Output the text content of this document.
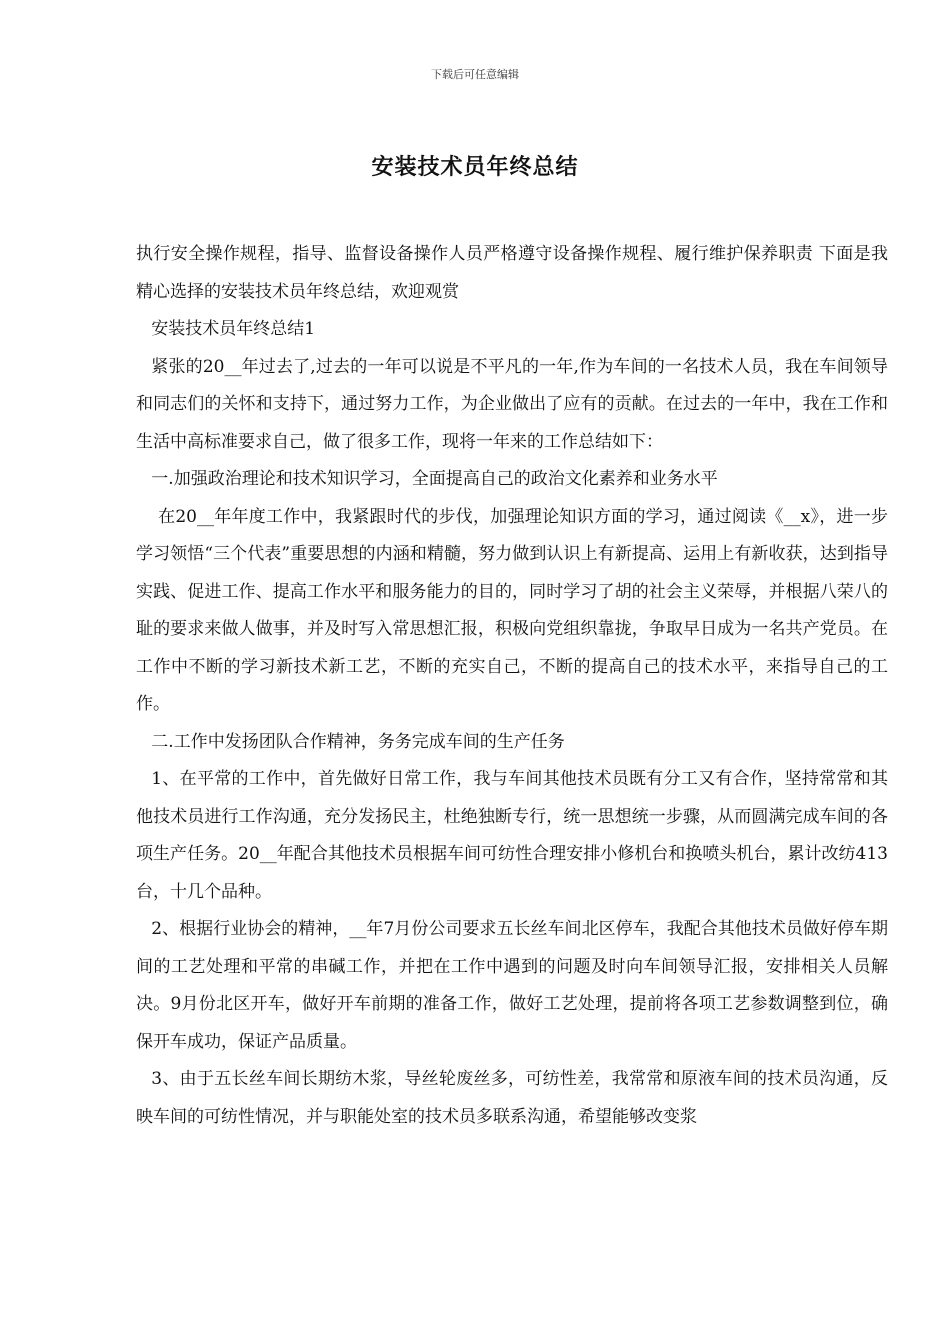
下载后可任意编辑
安装技术员年终总结

执行安全操作规程，指导、监督设备操作人员严格遵守设备操作规程、履行维护保养职责 下面是我精心选择的安装技术员年终总结，欢迎观赏

安装技术员年终总结1

紧张的20__年过去了,过去的一年可以说是不平凡的一年,作为车间的一名技术人员，我在车间领导和同志们的关怀和支持下，通过努力工作，为企业做出了应有的贡献。在过去的一年中，我在工作和生活中高标准要求自己，做了很多工作，现将一年来的工作总结如下：

一.加强政治理论和技术知识学习，全面提高自己的政治文化素养和业务水平

在20__年年度工作中，我紧跟时代的步伐，加强理论知识方面的学习，通过阅读《__x》，进一步学习领悟“三个代表”重要思想的内涵和精髓，努力做到认识上有新提高、运用上有新收获，达到指导实践、促进工作、提高工作水平和服务能力的目的，同时学习了胡的社会主义荣辱，并根据八荣八的耻的要求来做人做事，并及时写入常思想汇报，积极向党组织靠拢，争取早日成为一名共产党员。在工作中不断的学习新技术新工艺，不断的充实自己，不断的提高自己的技术水平，来指导自己的工作。

二.工作中发扬团队合作精神，务务完成车间的生产任务

1、在平常的工作中，首先做好日常工作，我与车间其他技术员既有分工又有合作，坚持常常和其他技术员进行工作沟通，充分发扬民主，杜绝独断专行，统一思想统一步骤，从而圆满完成车间的各项生产任务。20__年配合其他技术员根据车间可纺性合理安排小修机台和换喷头机台，累计改纺413台，十几个品种。

2、根据行业协会的精神，__年7月份公司要求五长丝车间北区停车，我配合其他技术员做好停车期间的工艺处理和平常的串碱工作，并把在工作中遇到的问题及时向车间领导汇报，安排相关人员解决。9月份北区开车，做好开车前期的准备工作，做好工艺处理，提前将各项工艺参数调整到位，确保开车成功，保证产品质量。

3、由于五长丝车间长期纺木浆，导丝轮废丝多，可纺性差，我常常和原液车间的技术员沟通，反映车间的可纺性情况，并与职能处室的技术员多联系沟通，希望能够改变浆
